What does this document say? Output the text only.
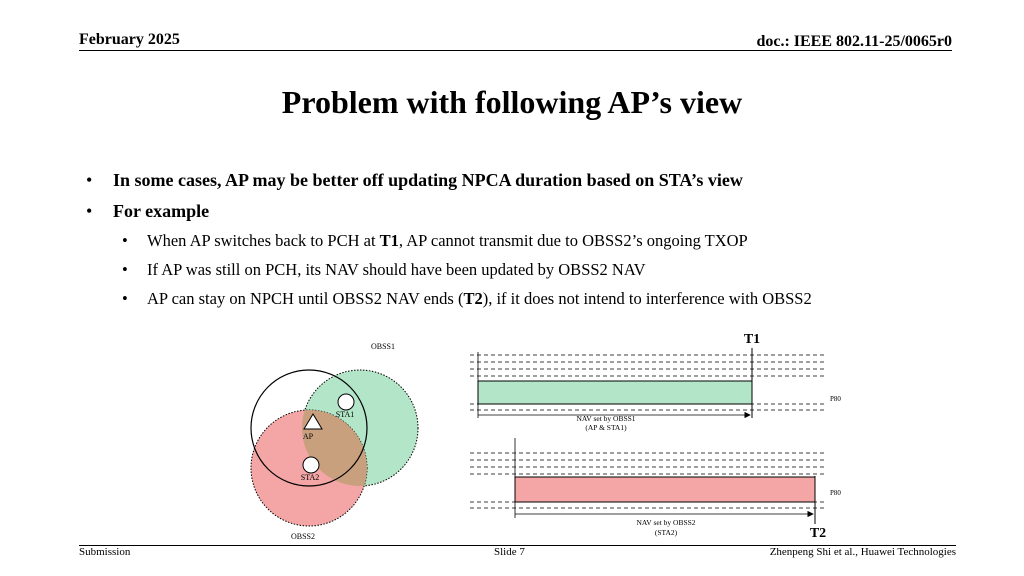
February 2025	doc.: IEEE 802.11-25/0065r0
Problem with following AP’s view
•	In some cases, AP may be better off updating NPCA duration based on STA’s view
•	For example
•	When AP switches back to PCH at T1, AP cannot transmit due to OBSS2’s ongoing TXOP
•	If AP was still on PCH, its NAV should have been updated by OBSS2 NAV
•	AP can stay on NPCH until OBSS2 NAV ends (T2), if it does not intend to interference with OBSS2
OBSS1
STA1
AP
STA2
OBSS2
T1
P80
NAV set by OBSS1
(AP & STA1)
T2
P80
NAV set by OBSS2
(STA2)
Submission	Slide 7	Zhenpeng Shi et al., Huawei Technologies
